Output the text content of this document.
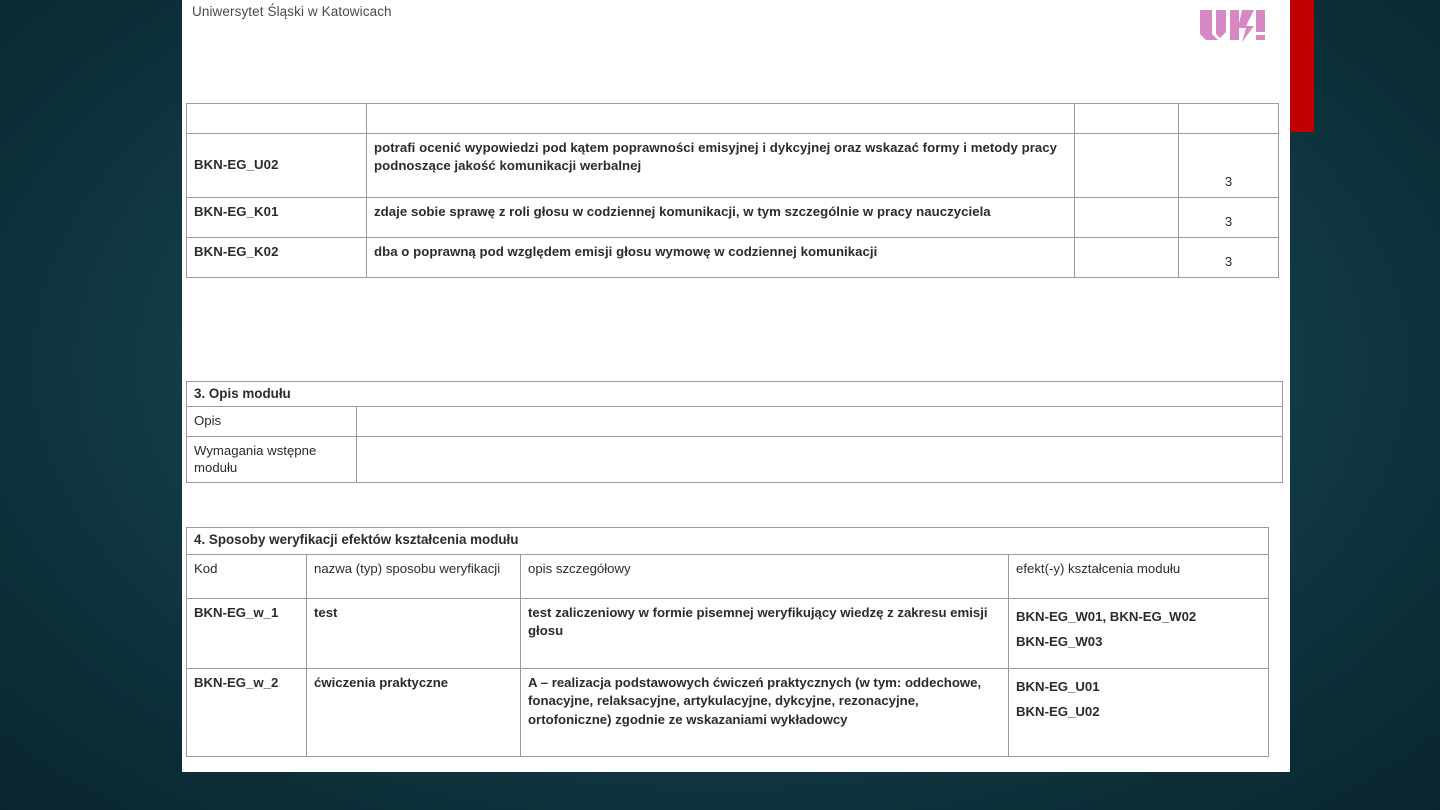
Uniwersytet Śląski w Katowicach

BKN-EG_U02	potrafi ocenić wypowiedzi pod kątem poprawności emisyjnej i dykcyjnej oraz wskazać formy i metody pracy podnoszące jakość komunikacji werbalnej		3
BKN-EG_K01	zdaje sobie sprawę z roli głosu w codziennej komunikacji, w tym szczególnie w pracy nauczyciela		3
BKN-EG_K02	dba o poprawną pod względem emisji głosu wymowę w codziennej komunikacji		3
3. Opis modułu	
Opis	
Wymagania wstępne modułu	
4. Sposoby weryfikacji efektów kształcenia modułu			
Kod	nazwa (typ) sposobu weryfikacji	opis szczegółowy	efekt(-y) kształcenia modułu
BKN-EG_w_1	test	test zaliczeniowy w formie pisemnej weryfikujący wiedzę z zakresu emisji głosu	BKN-EG_W01, BKN-EG_W02
BKN-EG_W03

BKN-EG_w_2	ćwiczenia praktyczne	A – realizacja podstawowych ćwiczeń praktycznych (w tym: oddechowe, fonacyjne, relaksacyjne, artykulacyjne, dykcyjne, rezonacyjne, ortofoniczne) zgodnie ze wskazaniami wykładowcy	BKN-EG_U01
BKN-EG_U02
